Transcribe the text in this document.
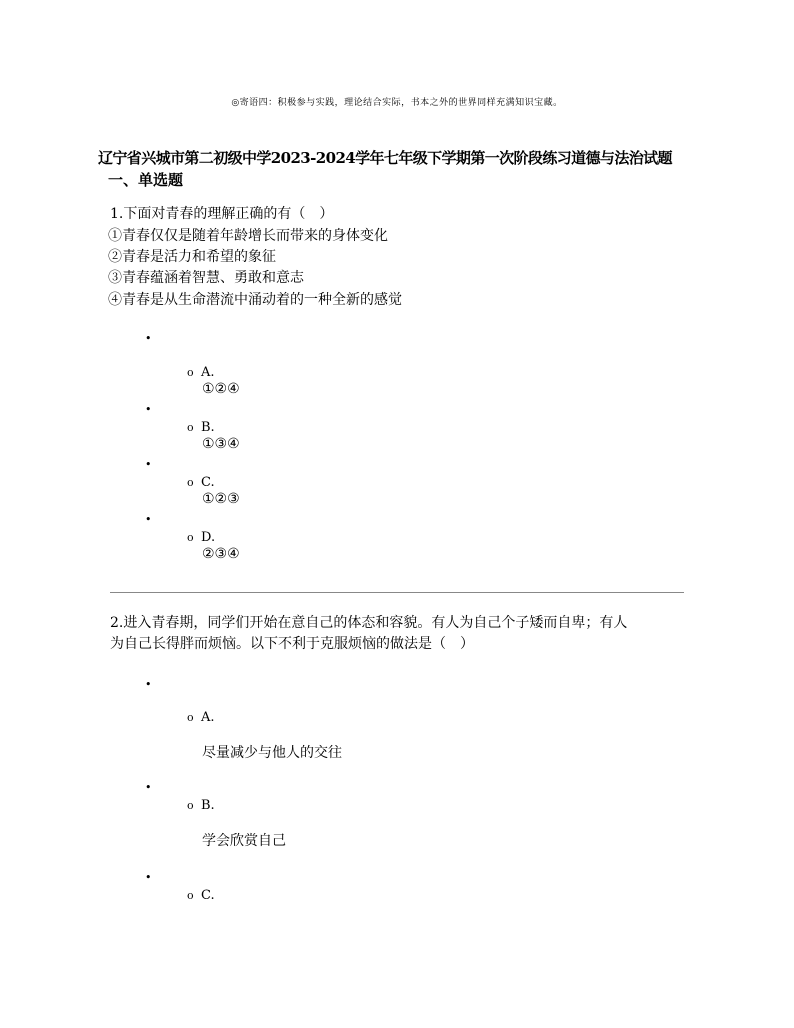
◎寄语四：积极参与实践，理论结合实际，书本之外的世界同样充满知识宝藏。
辽宁省兴城市第二初级中学2023-2024学年七年级下学期第一次阶段练习道德与法治试题
一、单选题
1.下面对青春的理解正确的有（　）
①青春仅仅是随着年龄增长而带来的身体变化
②青春是活力和希望的象征
③青春蕴涵着智慧、勇敢和意志
④青春是从生命潜流中涌动着的一种全新的感觉
•
o A.
①②④
•
o B.
①③④
•
o C.
①②③
•
o D.
②③④
2.进入青春期，同学们开始在意自己的体态和容貌。有人为自己个子矮而自卑；有人
为自己长得胖而烦恼。以下不利于克服烦恼的做法是（　）
•
o A.
尽量减少与他人的交往
•
o B.
学会欣赏自己
•
o C.
